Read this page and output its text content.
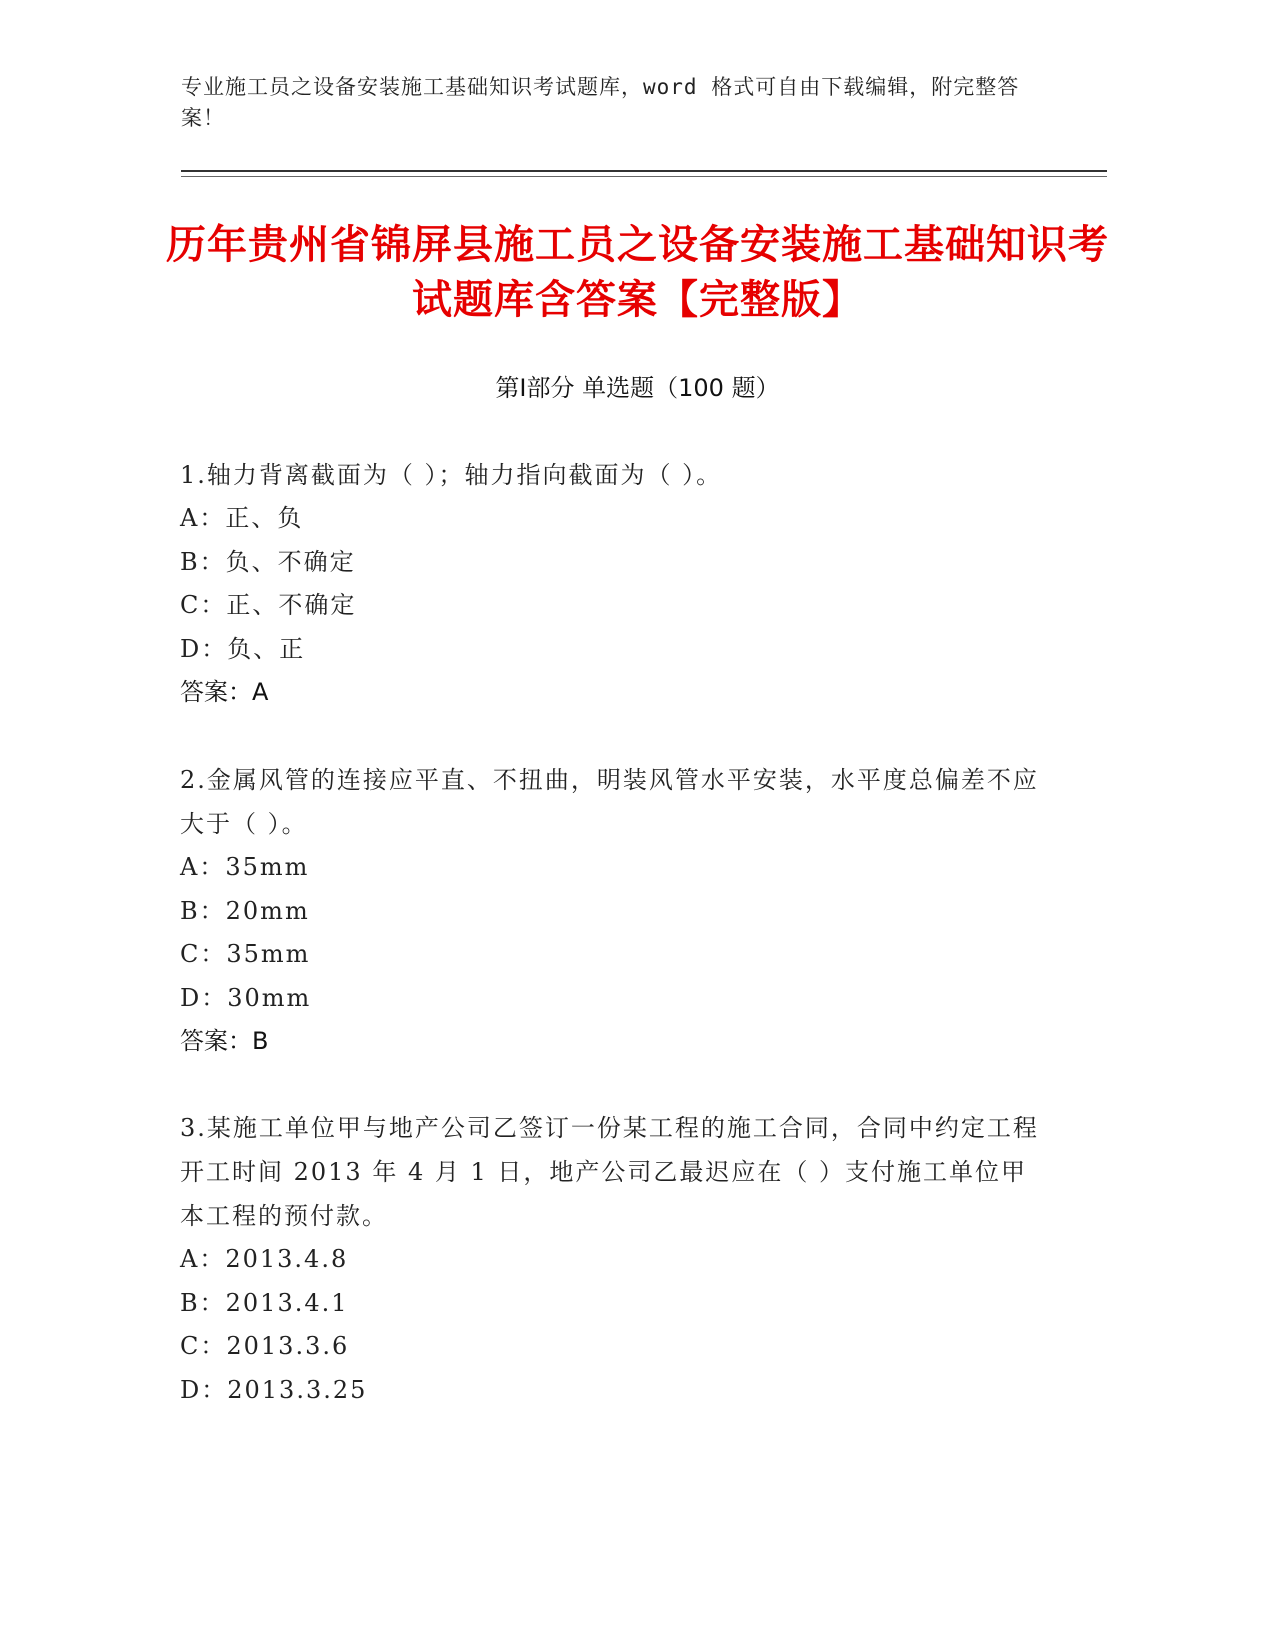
专业施工员之设备安装施工基础知识考试题库，word 格式可自由下载编辑，附完整答案！
历年贵州省锦屏县施工员之设备安装施工基础知识考试题库含答案【完整版】
第Ⅰ部分 单选题（100 题）

1.轴力背离截面为（ ）；轴力指向截面为（ ）。

A：正、负
B：负、不确定
C：正、不确定
D：负、正
答案：A

2.金属风管的连接应平直、不扭曲，明装风管水平安装，水平度总偏差不应大于（ ）。

A：35mm
B：20mm
C：35mm
D：30mm
答案：B

3.某施工单位甲与地产公司乙签订一份某工程的施工合同，合同中约定工程开工时间 2013 年 4 月 1 日，地产公司乙最迟应在（ ）支付施工单位甲本工程的预付款。

A：2013.4.8
B：2013.4.1
C：2013.3.6
D：2013.3.25
